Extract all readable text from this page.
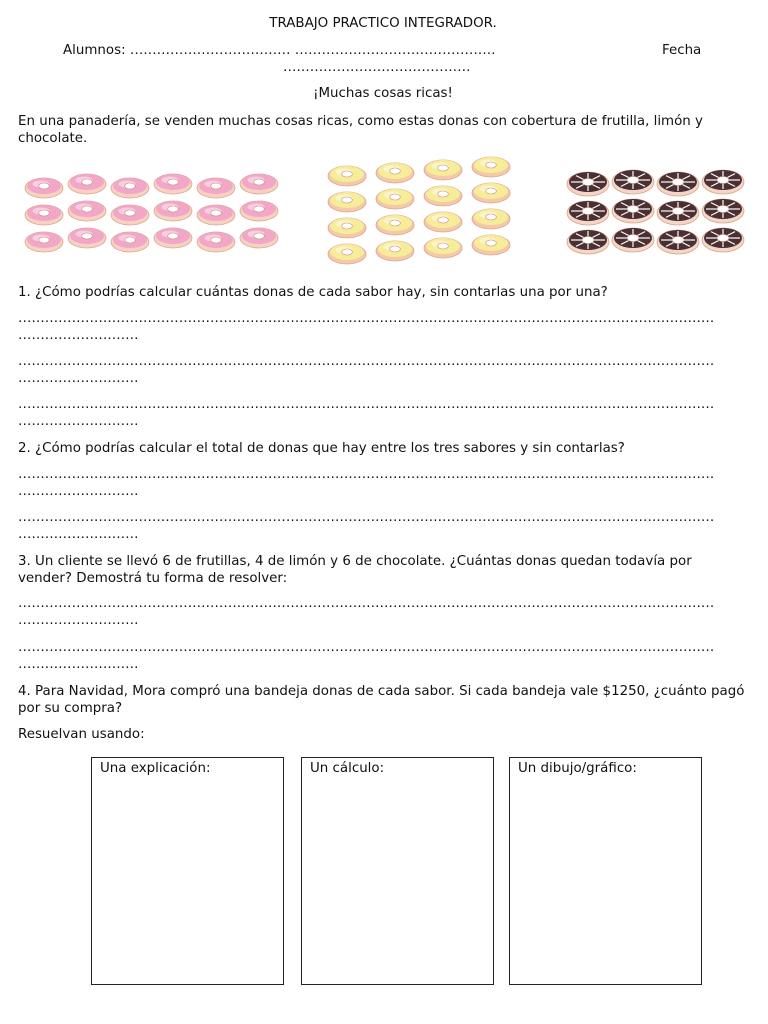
TRABAJO PRÁCTICO INTEGRADOR.
Alumnos: ……………………………… ………………………………………	Fecha
……………………………………
¡Muchas cosas ricas!
En una panadería, se venden muchas cosas ricas, como estas donas con cobertura de frutilla, limón y chocolate.
1. ¿Cómo podrías calcular cuántas donas de cada sabor hay, sin contarlas una por una?
…………………………………………………………………………………………………………………………………………
………………………
…………………………………………………………………………………………………………………………………………
………………………
…………………………………………………………………………………………………………………………………………
………………………
2. ¿Cómo podrías calcular el total de donas que hay entre los tres sabores y sin contarlas?
…………………………………………………………………………………………………………………………………………
………………………
…………………………………………………………………………………………………………………………………………
………………………
3. Un cliente se llevó 6 de frutillas, 4 de limón y 6 de chocolate. ¿Cuántas donas quedan todavía por vender? Demostrá tu forma de resolver:
…………………………………………………………………………………………………………………………………………
………………………
…………………………………………………………………………………………………………………………………………
………………………
4. Para Navidad, Mora compró una bandeja donas de cada sabor. Si cada bandeja vale $1250, ¿cuánto pagó por su compra?
Resuelvan usando:
Una explicación:	Un cálculo:	Un dibujo/gráfico:
